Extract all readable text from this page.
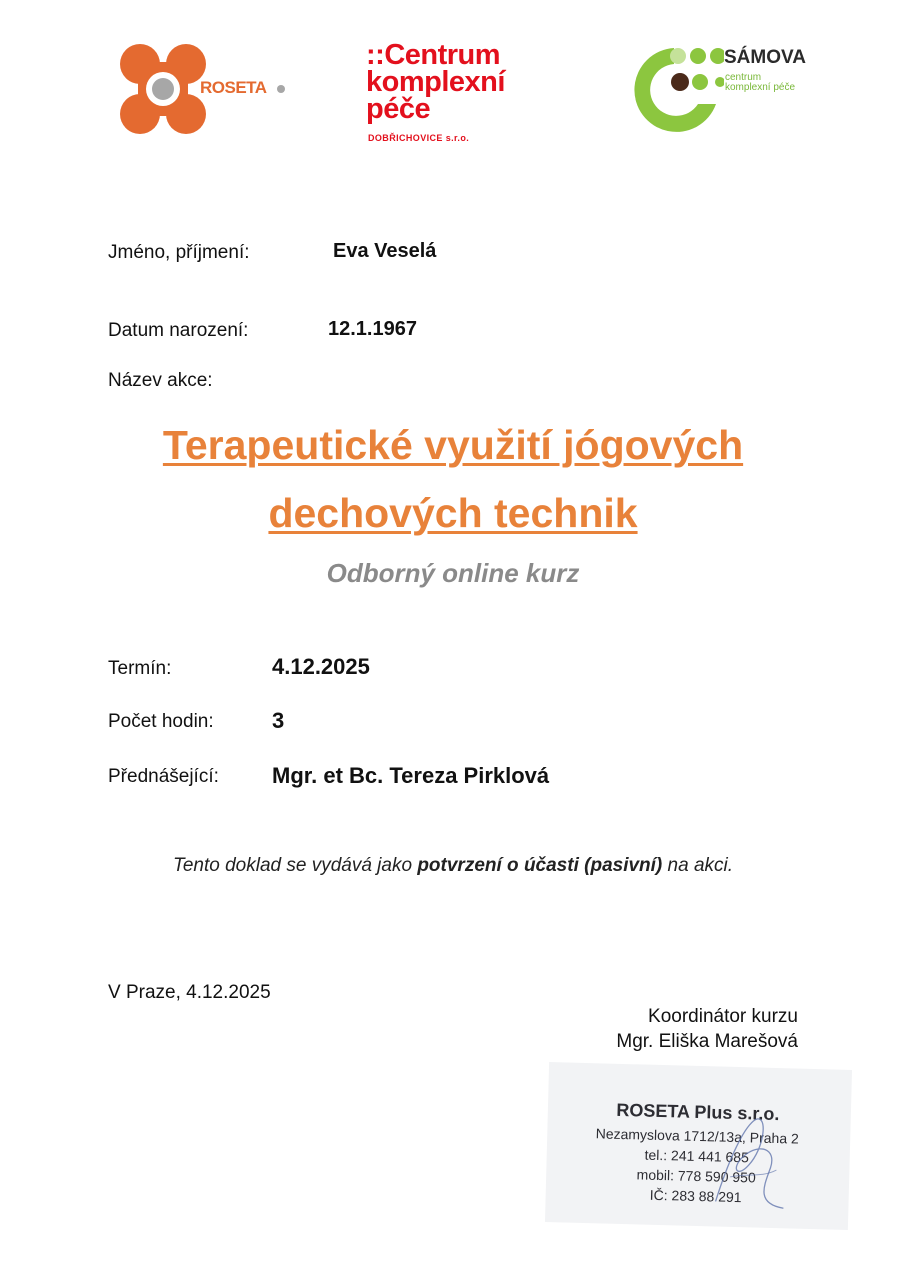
ROSETA
::Centrum
komplexní
péče
DOBŘICHOVICE s.r.o.
SÁMOVA
centrum
komplexní péče
Jméno, příjmení:	Eva Veselá
Datum narození:	12.1.1967
Název akce:
Terapeutické využití jógových
dechových technik
Odborný online kurz
Termín:	4.12.2025
Počet hodin:	3
Přednášející: Mgr. et Bc. Tereza Pirklová
Tento doklad se vydává jako potvrzení o účasti (pasivní) na akci.
V Praze, 4.12.2025
Koordinátor kurzu
Mgr. Eliška Marešová
ROSETA Plus s.r.o.
Nezamyslova 1712/13a, Praha 2
tel.: 241 441 685
mobil: 778 590 950
IČ: 283 88 291
